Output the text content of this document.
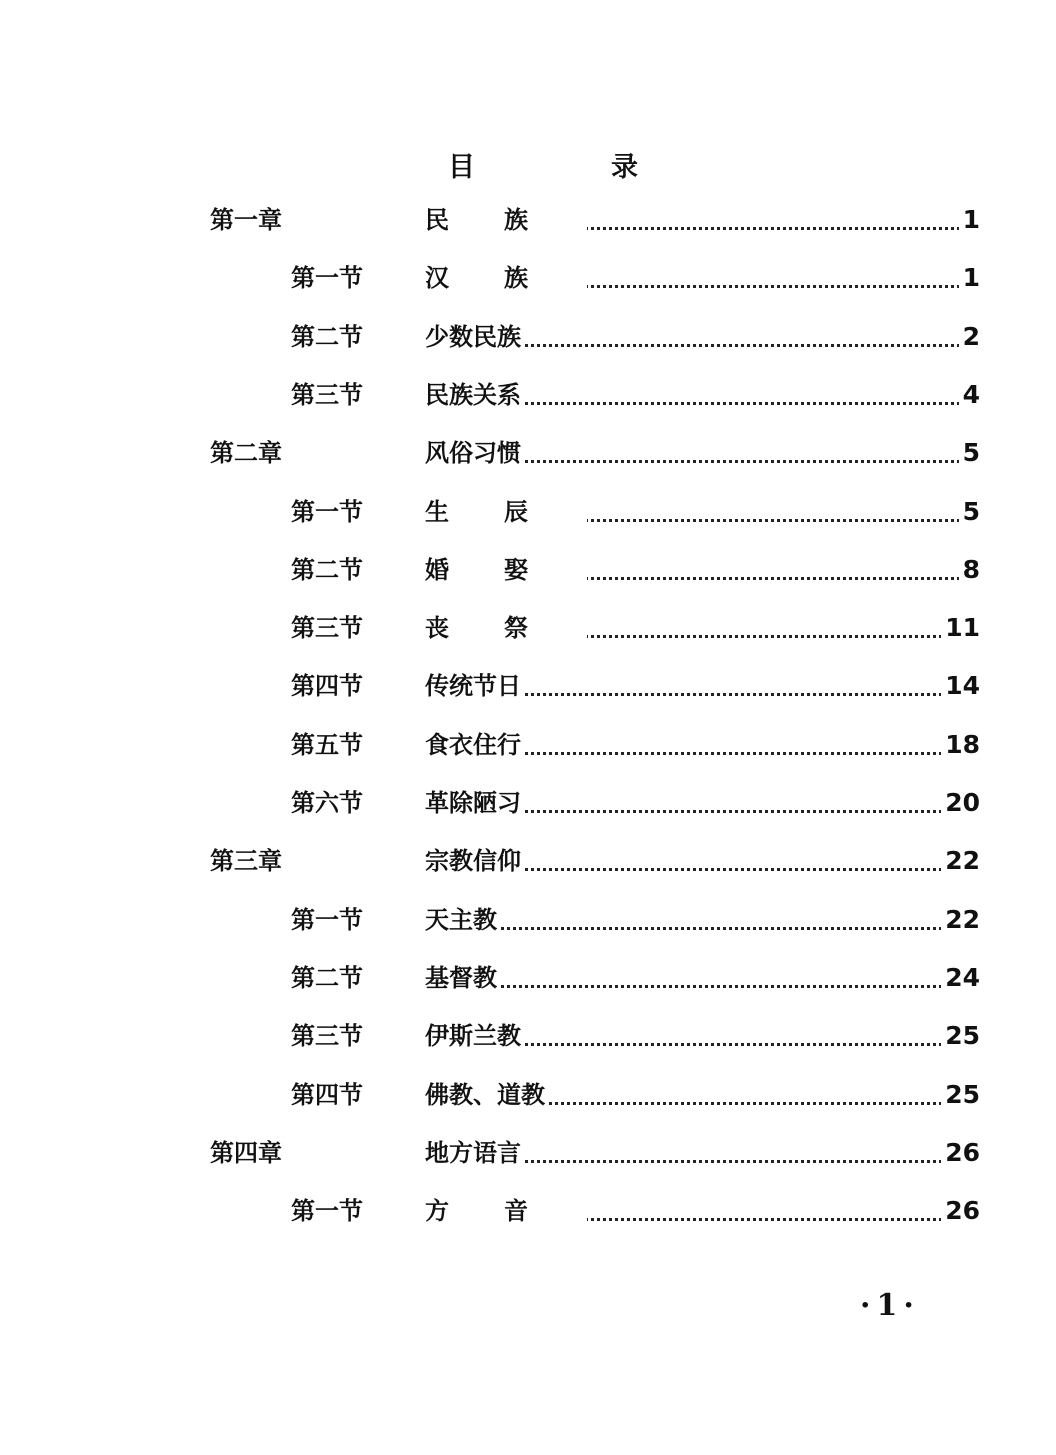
目	录
第一章	民族	1
第一节	汉族	1
第二节	少数民族	2
第三节	民族关系	4
第二章	风俗习惯	5
第一节	生辰	5
第二节	婚娶	8
第三节	丧祭	11
第四节	传统节日	14
第五节	食衣住行	18
第六节	革除陋习	20
第三章	宗教信仰	22
第一节	天主教	22
第二节	基督教	24
第三节	伊斯兰教	25
第四节	佛教、道教	25
第四章	地方语言	26
第一节	方音	26
·1·
